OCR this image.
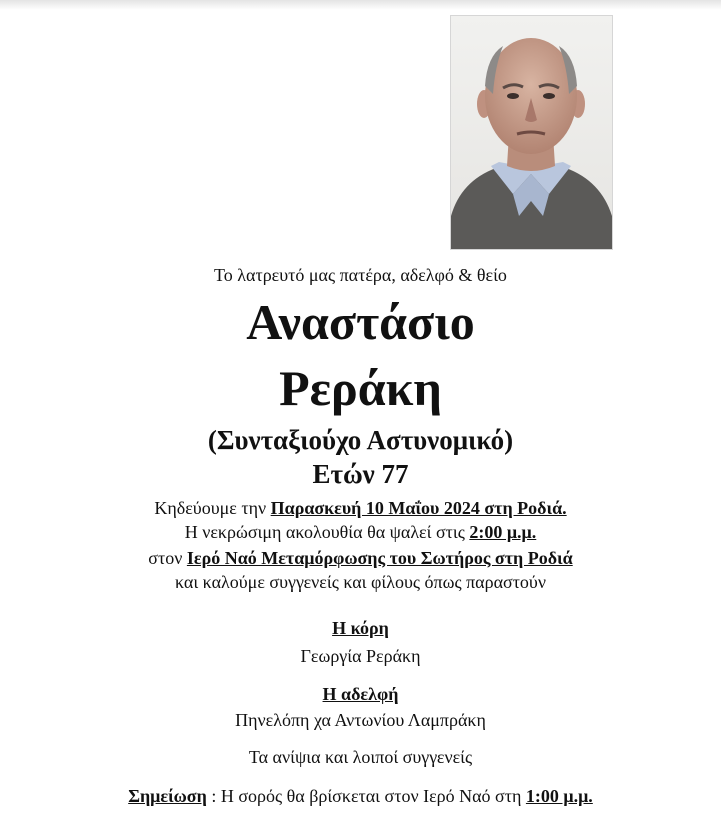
Το λατρευτό μας πατέρα, αδελφό & θείο

Αναστάσιο

Ρεράκη

(Συνταξιούχο Αστυνομικό)

Ετών 77

Κηδεύουμε την Παρασκευή 10 Μαΐου 2024 στη Ροδιά.

Η νεκρώσιμη ακολουθία θα ψαλεί στις 2:00 μ.μ.

στον Ιερό Ναό Μεταμόρφωσης του Σωτήρος στη Ροδιά

και καλούμε συγγενείς και φίλους όπως παραστούν

Η κόρη

Γεωργία Ρεράκη

Η αδελφή

Πηνελόπη χα Αντωνίου Λαμπράκη

Τα ανίψια και λοιποί συγγενείς

Σημείωση : Η σορός θα βρίσκεται στον Ιερό Ναό στη 1:00 μ.μ.
